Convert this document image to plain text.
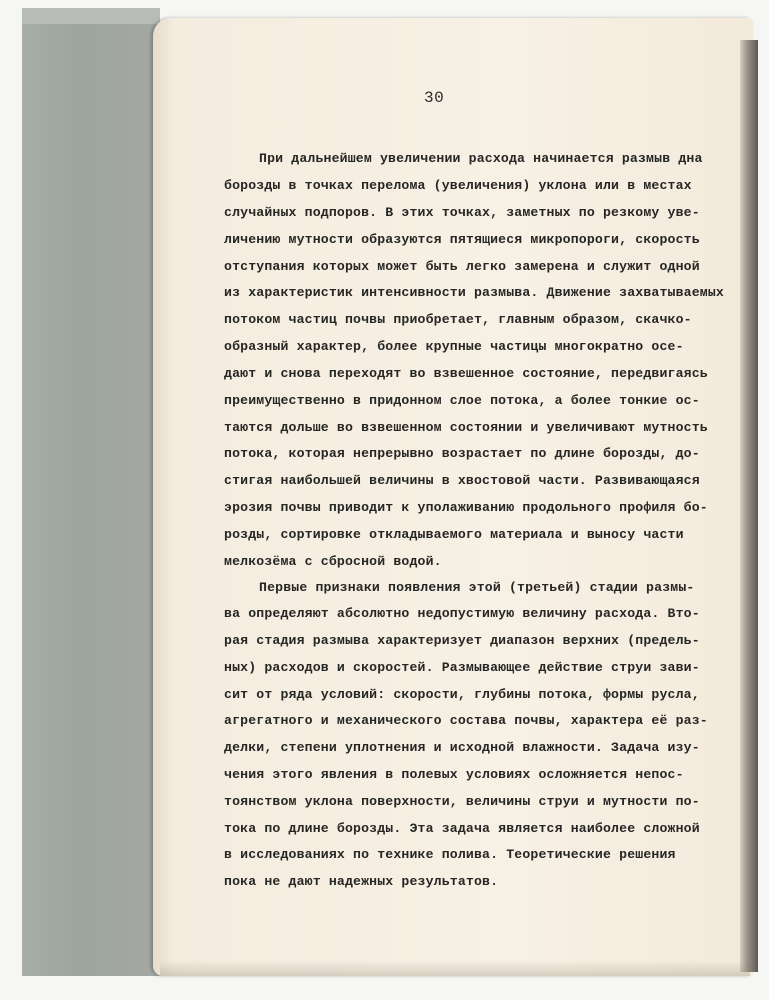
30
При дальнейшем увеличении расхода начинается размыв дна
борозды в точках перелома (увеличения) уклона или в местах
случайных подпоров. В этих точках, заметных по резкому уве-
личению мутности образуются пятящиеся микропороги, скорость
отступания которых может быть легко замерена и служит одной
из характеристик интенсивности размыва. Движение захватываемых
потоком частиц почвы приобретает, главным образом, скачко-
образный характер, более крупные частицы многократно осе-
дают и снова переходят во взвешенное состояние, передвигаясь
преимущественно в придонном слое потока, а более тонкие ос-
таются дольше во взвешенном состоянии и увеличивают мутность
потока, которая непрерывно возрастает по длине борозды, до-
стигая наибольшей величины в хвостовой части. Развивающаяся
эрозия почвы приводит к уполаживанию продольного профиля бо-
розды, сортировке откладываемого материала и выносу части
мелкозёма с сбросной водой.
Первые признаки появления этой (третьей) стадии размы-
ва определяют абсолютно недопустимую величину расхода. Вто-
рая стадия размыва характеризует диапазон верхних (предель-
ных) расходов и скоростей. Размывающее действие струи зави-
сит от ряда условий: скорости, глубины потока, формы русла,
агрегатного и механического состава почвы, характера её раз-
делки, степени уплотнения и исходной влажности. Задача изу-
чения этого явления в полевых условиях осложняется непос-
тоянством уклона поверхности, величины струи и мутности по-
тока по длине борозды. Эта задача является наиболее сложной
в исследованиях по технике полива. Теоретические решения
пока не дают надежных результатов.
